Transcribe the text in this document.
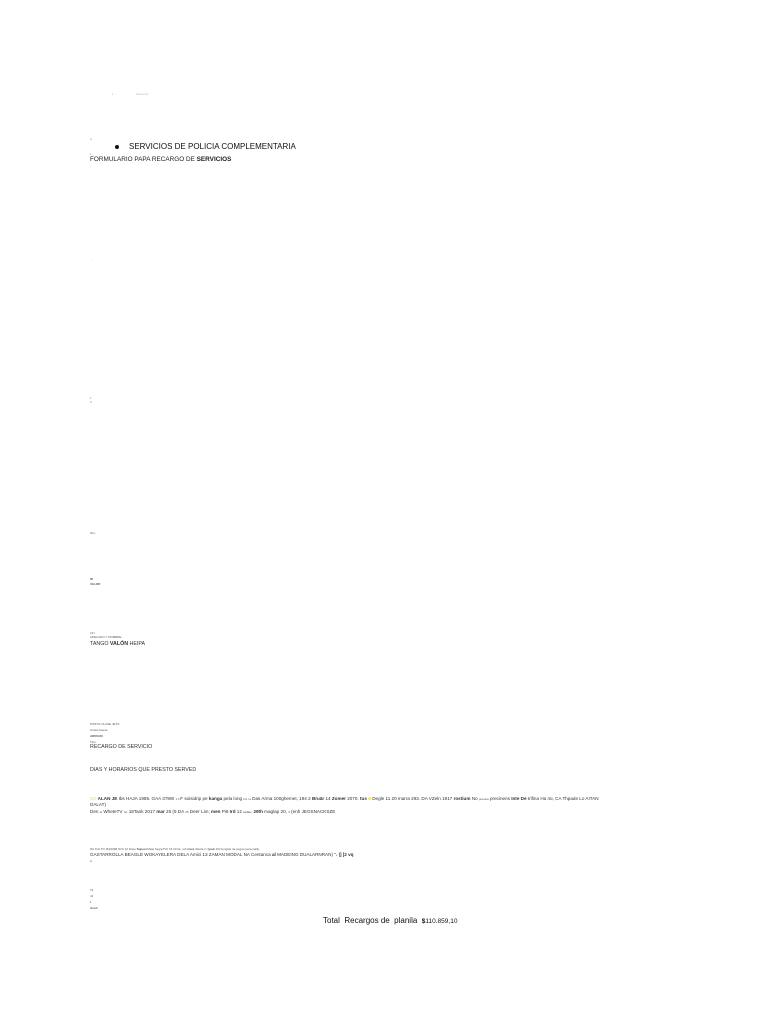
•	Selección
a
SERVICIOS DE POLICIA COMPLEMENTARIA
1
FORMULARIO PAPA RECARGO DE SERVICIOS
-
-
1
3
Nro:
ID
VALOR
Inf I
APELLIDO Y NOMBRE
TANGO VALÓN HEIPA
PISTOL CLASE JETS
Costa Nueva
ARROJO
Tipo
RECARGO DE SERVICIO
DIAS Y HORARIOS QUE PRESTO SERVED
SD ALAN JE Ibs HAJA 1985. GAA 378W 1.1'F soisidrip pe kanga pela long Fa l a Das Arma 100ghemet, 194 2 Bruär 14 Zomer 2070. tus ■ Degle 11 20 marra 293. DA VZeln 1917 rostium No pukuua precinens Inte De trifina Ha nü, CA Thpade Lo AITAN
DALAT)
Den ld WheteTV hA 18Tank 2017 mar 25 (5 DA 25 Deer Lim; men Pi6 Ird 12 eotze. 29th maglap 20, 3 (enh JEGSNACKSZE
DA ICH TO 3N/2098 Orth 12 Dose Supest Mata hegreTVh 15 Ornla, ruh mere dituita 1 I (puk 16) bengitet de pegso personally.
GASTARROLLA BEAGLE WOKAYELERA DELA Amici 13 ZAMAN MODAL NA Centanca al MADEING DUALARNRAN) "v |] [2 vq
o
Tit
ntl
1
Anstr
Total Recargos de planila $110.859,10
